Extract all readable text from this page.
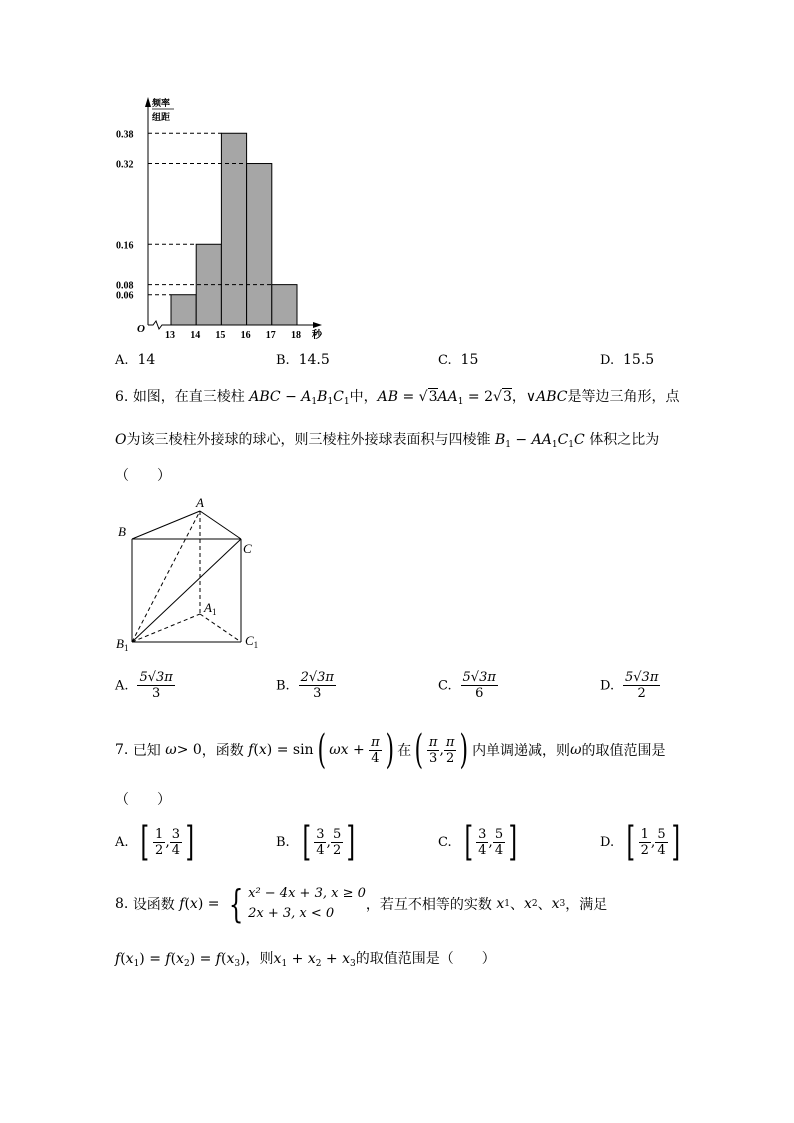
0.38
0.32
0.16
0.08
0.06
13 14 15 16 17 18
O
秒
频率
组距
A. 14	B. 14.5	C. 15	D. 15.5
6. 如图，在直三棱柱 ABC − $A_1B_1C_1$中，AB = $√3AA_1 = 2√3$，∨ABC是等边三角形，点
O为该三棱柱外接球的球心，则三棱柱外接球表面积与四棱锥 $B_1 - AA_1C_1C$ 体积之比为
（　　）
A
B
C
$A_1$
$B_1$	$C_1$
A. $\frac{5√3\pi}{3}$	B. $\frac{2√3\pi}{3}$	C. $\frac{5√3\pi}{6}$	D. $\frac{5√3\pi}{2}$
7.
已知 ω > 0 ，函数 f ( x ) = sin ( $\omega x + \frac{\pi}{4}$ ) 在 ( $\frac{\pi}{3}$ , $\frac{\pi}{2}$ ) 内单调递减，则 ω 的取值范围是
（　　）
A.
[ $\frac{1}{2}$ , $\frac{3}{4}$ ]	B.
[ $\frac{3}{4}$ , $\frac{5}{2}$ ]	C.
[ $\frac{3}{4}$ , $\frac{5}{4}$ ]	D.
[ $\frac{1}{2}$ , $\frac{5}{4}$ ]
8.
设函数 f ( x ) = { x² − 4x + 3, x ≥ 0
2x + 3, x < 0
，若互不相等的实数 x 1 、 x 2 、 x 3 ，满足
$f(x_1) = f(x_2) = f(x_3)$，则$x_1 + x_2 + x_3$的取值范围是（　　）
